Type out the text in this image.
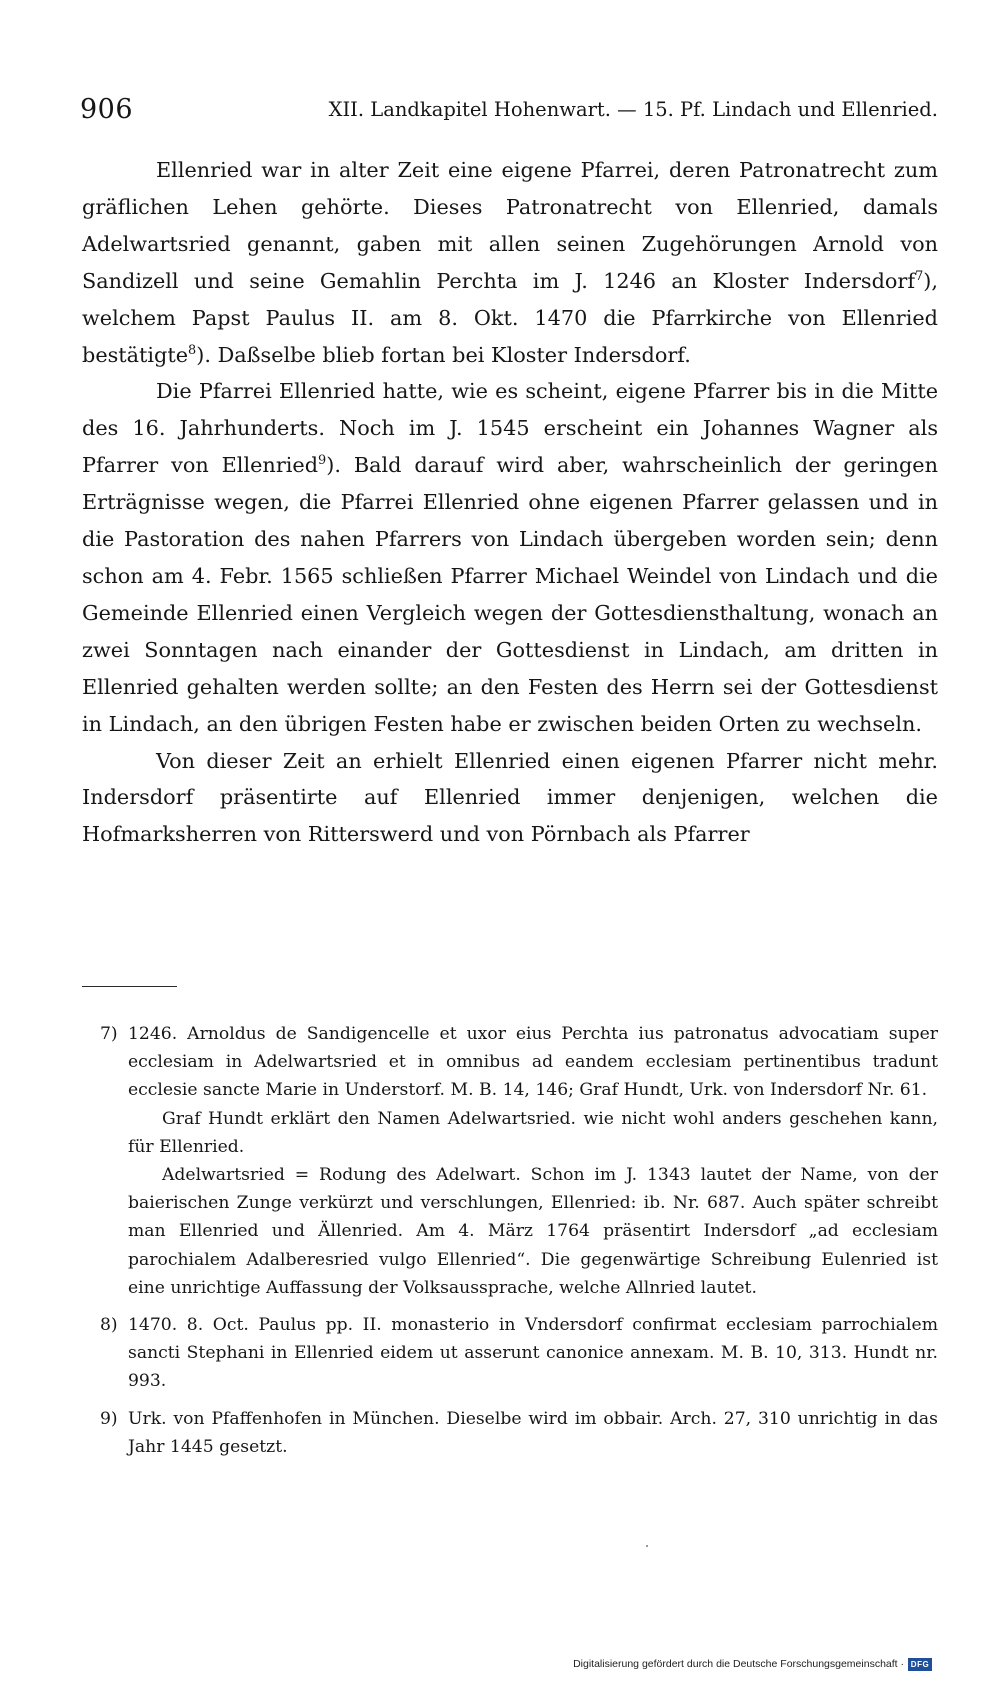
906	XII. Landkapitel Hohenwart. — 15. Pf. Lindach und Ellenried.

Ellenried war in alter Zeit eine eigene Pfarrei, deren Patronatrecht zum gräflichen Lehen gehörte. Dieses Patronatrecht von Ellenried, damals Adelwartsried genannt, gaben mit allen seinen Zugehörungen Arnold von Sandizell und seine Gemahlin Perchta im J. 1246 an Kloster Indersdorf$^7$), welchem Papst Paulus II. am 8. Okt. 1470 die Pfarrkirche von Ellenried bestätigte$^8$). Daßselbe blieb fortan bei Kloster Indersdorf.

Die Pfarrei Ellenried hatte, wie es scheint, eigene Pfarrer bis in die Mitte des 16. Jahrhunderts. Noch im J. 1545 erscheint ein Johannes Wagner als Pfarrer von Ellenried$^9$). Bald darauf wird aber, wahrscheinlich der geringen Erträgnisse wegen, die Pfarrei Ellenried ohne eigenen Pfarrer gelassen und in die Pastoration des nahen Pfarrers von Lindach übergeben worden sein; denn schon am 4. Febr. 1565 schließen Pfarrer Michael Weindel von Lindach und die Gemeinde Ellenried einen Vergleich wegen der Gottesdiensthaltung, wonach an zwei Sonntagen nach einander der Gottesdienst in Lindach, am dritten in Ellenried gehalten werden sollte; an den Festen des Herrn sei der Gottesdienst in Lindach, an den übrigen Festen habe er zwischen beiden Orten zu wechseln.

Von dieser Zeit an erhielt Ellenried einen eigenen Pfarrer nicht mehr. Indersdorf präsentirte auf Ellenried immer denjenigen, welchen die Hofmarksherren von Ritterswerd und von Pörnbach als Pfarrer

7) 1246. Arnoldus de Sandigencelle et uxor eius Perchta ius patronatus advocatiam super ecclesiam in Adelwartsried et in omnibus ad eandem ecclesiam pertinentibus tradunt ecclesie sancte Marie in Understorf. M. B. 14, 146; Graf Hundt, Urk. von Indersdorf Nr. 61.

Graf Hundt erklärt den Namen Adelwartsried. wie nicht wohl anders geschehen kann, für Ellenried.

Adelwartsried = Rodung des Adelwart. Schon im J. 1343 lautet der Name, von der baierischen Zunge verkürzt und verschlungen, Ellenried: ib. Nr. 687. Auch später schreibt man Ellenried und Ällenried. Am 4. März 1764 präsentirt Indersdorf „ad ecclesiam parochialem Adalberesried vulgo Ellenried“. Die gegenwärtige Schreibung Eulenried ist eine unrichtige Auffassung der Volksaussprache, welche Allnried lautet.

8) 1470. 8. Oct. Paulus pp. II. monasterio in Vndersdorf confirmat ecclesiam parrochialem sancti Stephani in Ellenried eidem ut asserunt canonice annexam. M. B. 10, 313. Hundt nr. 993.

9) Urk. von Pfaffenhofen in München. Dieselbe wird im obbair. Arch. 27, 310 unrichtig in das Jahr 1445 gesetzt.

Digitalisierung gefördert durch die Deutsche Forschungsgemeinschaft · DFG
